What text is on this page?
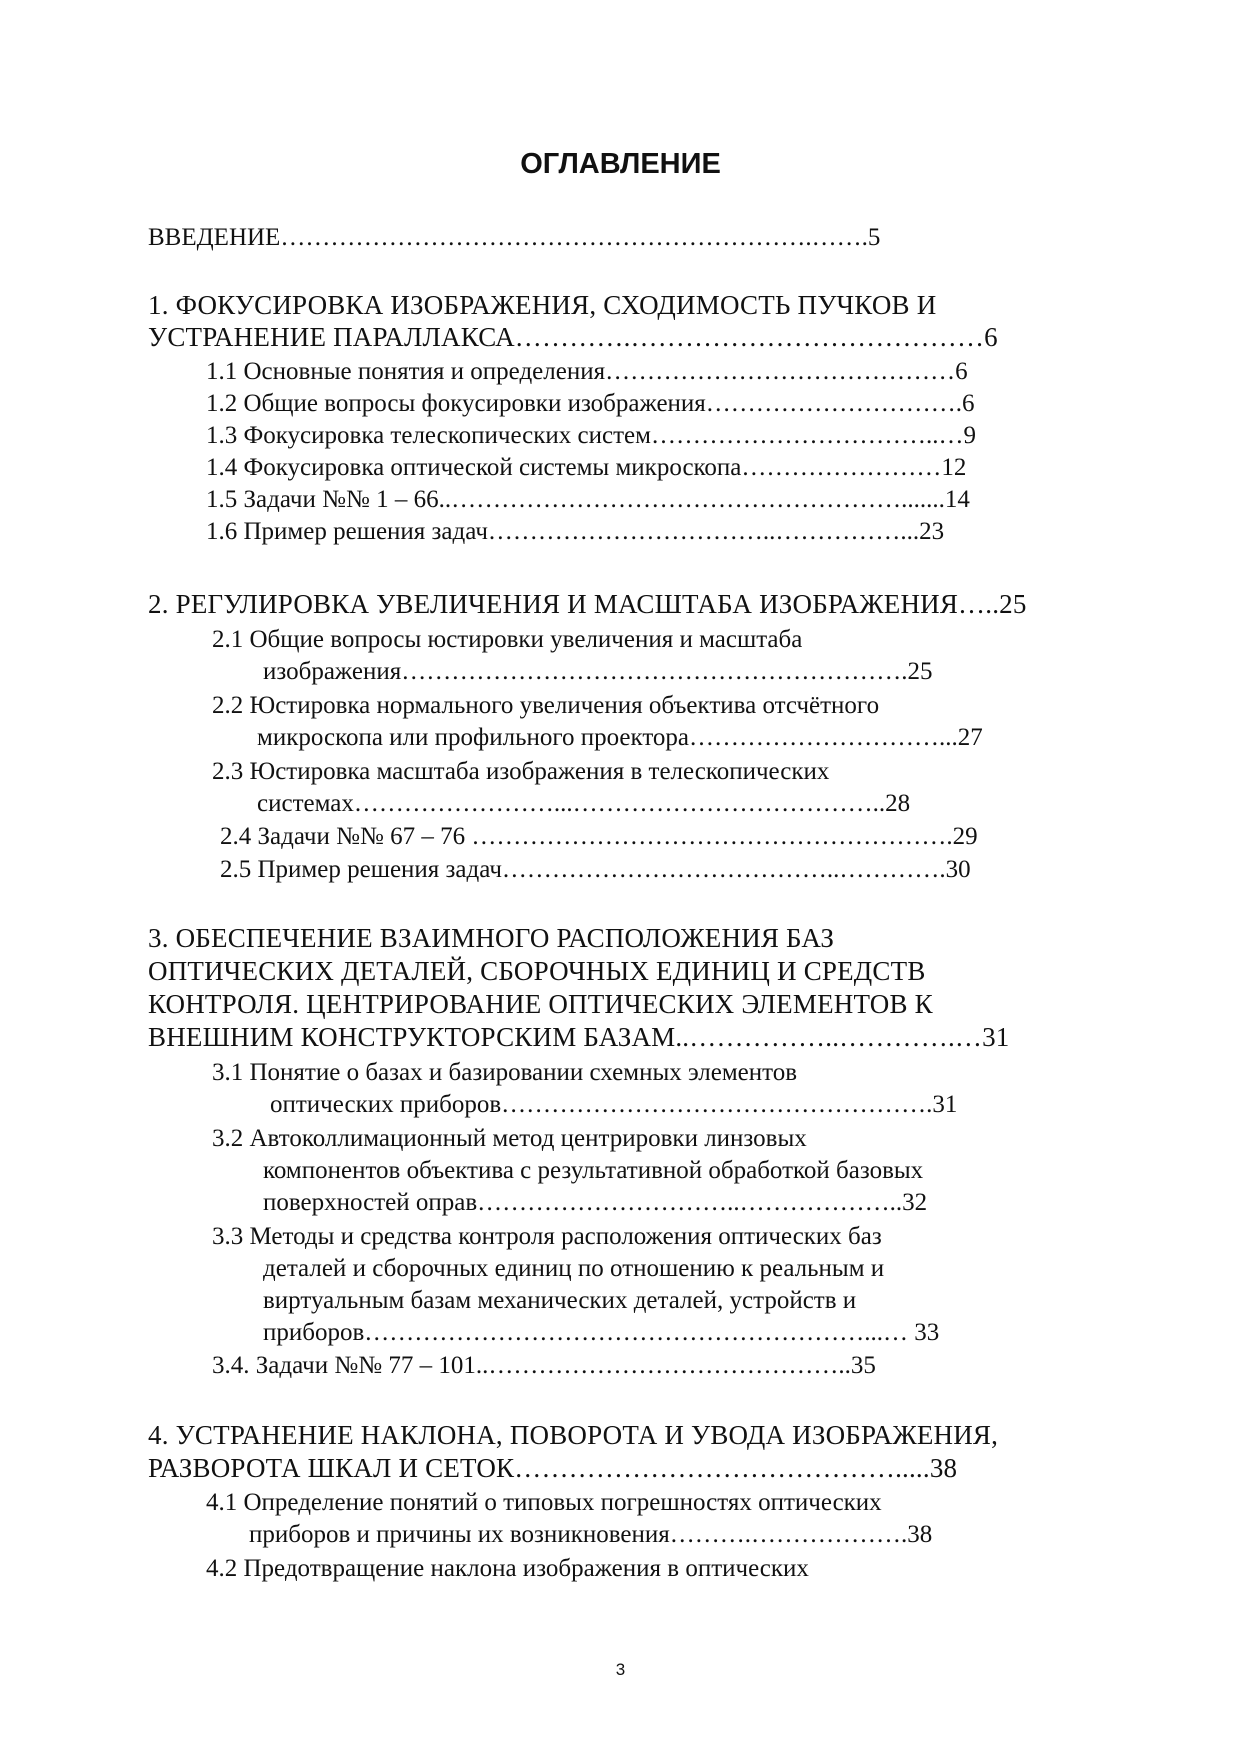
ОГЛАВЛЕНИЕ
ВВЕДЕНИЕ……………………………………………………….…….5
1. ФОКУСИРОВКА ИЗОБРАЖЕНИЯ, СХОДИМОСТЬ ПУЧКОВ И
УСТРАНЕНИЕ ПАРАЛЛАКСА………….…………………………………6
1.1 Основные понятия и определения……………………………………6
1.2 Общие вопросы фокусировки изображения………………………….6
1.3 Фокусировка телескопических систем……………………………..…9
1.4 Фокусировка оптической системы микроскопа……………………12
1.5 Задачи №№ 1 – 66..……………………………………………….......14
1.6 Пример решения задач……………………………..……………...23
2. РЕГУЛИРОВКА УВЕЛИЧЕНИЯ И МАСШТАБА ИЗОБРАЖЕНИЯ…..25
2.1 Общие вопросы юстировки увеличения и масштаба
изображения…………………………………………………….25
2.2 Юстировка нормального увеличения объектива отсчётного
микроскопа или профильного проектора…………………………...27
2.3 Юстировка масштаба изображения в телескопических
системах……………………...………………………………..28
2.4 Задачи №№ 67 – 76 ………………………………………………….29
2.5 Пример решения задач…………………………………..………….30
3. ОБЕСПЕЧЕНИЕ ВЗАИМНОГО РАСПОЛОЖЕНИЯ БАЗ
ОПТИЧЕСКИХ ДЕТАЛЕЙ, СБОРОЧНЫХ ЕДИНИЦ И СРЕДСТВ
КОНТРОЛЯ. ЦЕНТРИРОВАНИЕ ОПТИЧЕСКИХ ЭЛЕМЕНТОВ К
ВНЕШНИМ КОНСТРУКТОРСКИМ БАЗАМ..……………..………….…31
3.1 Понятие о базах и базировании схемных элементов
оптических приборов…………………………………………….31
3.2 Автоколлимационный метод центрировки линзовых
компонентов объектива с результативной обработкой базовых
поверхностей оправ…………………………..………………..32
3.3 Методы и средства контроля расположения оптических баз
деталей и сборочных единиц по отношению к реальным и
виртуальным базам механических деталей, устройств и
приборов……………………………………………………...… 33
3.4. Задачи №№ 77 – 101..……………………………………..35
4. УСТРАНЕНИЕ НАКЛОНА, ПОВОРОТА И УВОДА ИЗОБРАЖЕНИЯ,
РАЗВОРОТА ШКАЛ И СЕТОК…………………………………….....38
4.1 Определение понятий о типовых погрешностях оптических
приборов и причины их возникновения……….……………….38
4.2 Предотвращение наклона изображения в оптических
3
